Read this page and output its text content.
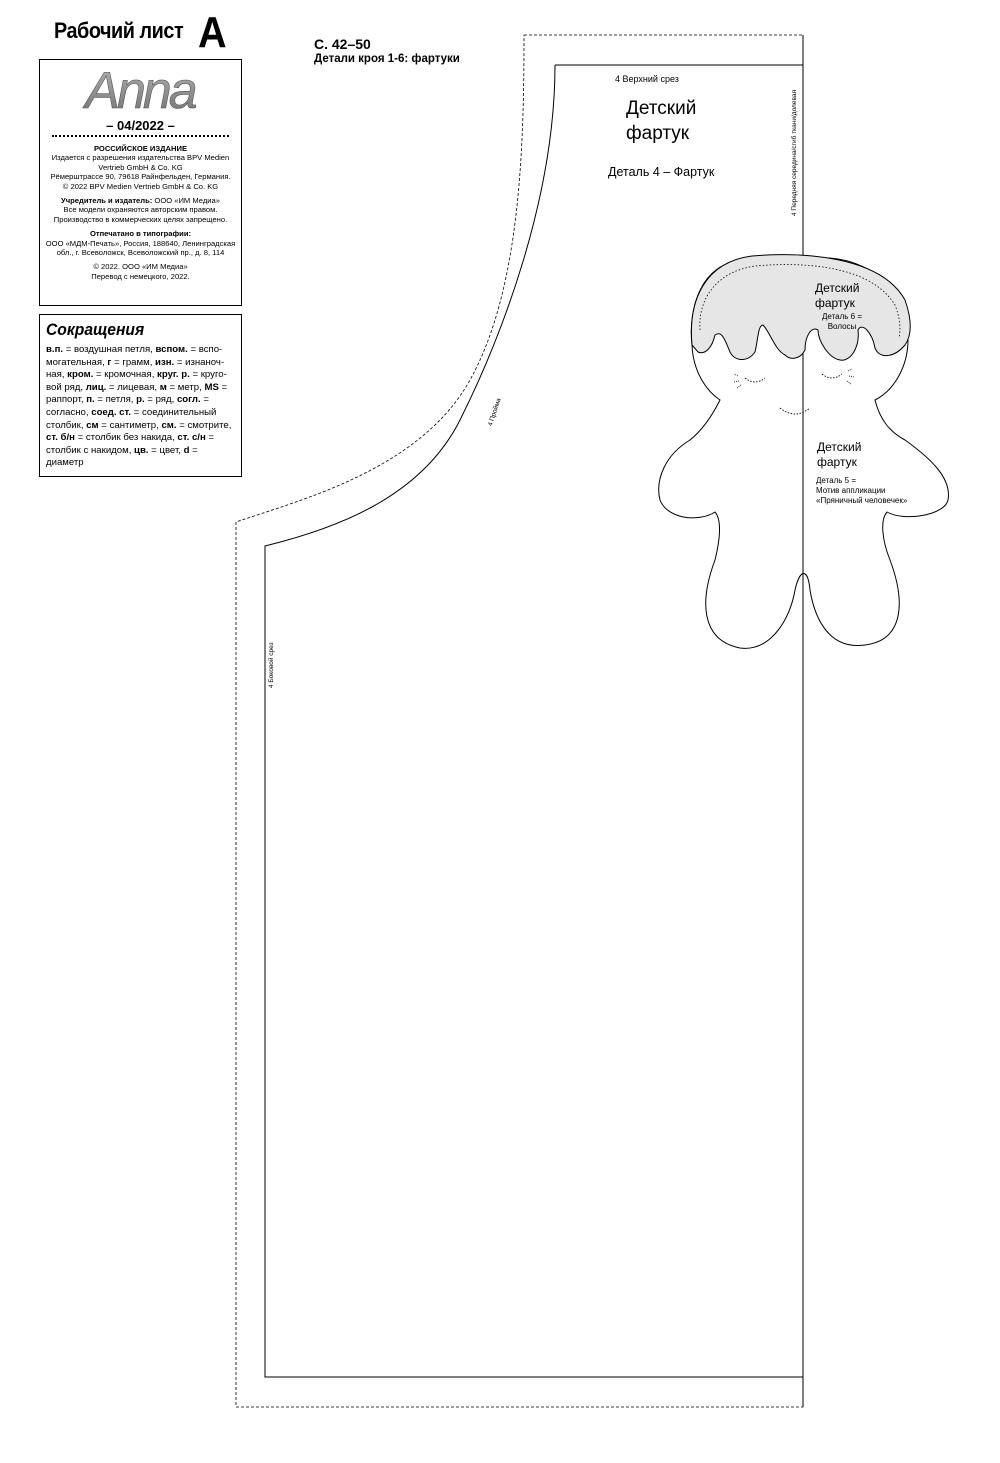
Рабочий лист A
Anna
– 04/2022 –

РОССИЙСКОЕ ИЗДАНИЕ
Издается с разрешения издательства BPV Medien
Vertrieb GmbH & Co. KG
Рёмерштрассе 90, 79618 Райнфельден, Германия.
© 2022 BPV Medien Vertrieb GmbH & Co. KG

Учредитель и издатель: ООО «ИМ Медиа»
Все модели охраняются авторским правом.
Производство в коммерческих целях запрещено.

Отпечатано в типографии:
ООО «МДМ-Печать», Россия, 188640, Ленинградская
обл., г. Всеволожск, Всеволожский пр., д. 8, 114

© 2022. ООО «ИМ Медиа»
Перевод с немецкого, 2022.

Сокращения
в.п. = воздушная петля, вспом. = вспомогательная, г = грамм, изн. = изнаночная, кром. = кромочная, круг. р. = круговой ряд, лиц. = лицевая, м = метр, MS = раппорт, п. = петля, р. = ряд, согл. = согласно, соед. ст. = соединительный столбик, см = сантиметр, см. = смотрите, ст. б/н = столбик без накида, ст. с/н = столбик с накидом, цв. = цвет, d = диаметр
С. 42–50
Детали кроя 1-6: фартуки
4 Верхний срез
Детский
фартук
Деталь 4 – Фартук	4 Передняя середина/сгиб ткани/долевая
4 Боковой срез
4 Пройма
Детский
фартук
Деталь 6 =
Волосы
Детский
фартук
Деталь 5 =
Мотив аппликации
«Пряничный человечек»
